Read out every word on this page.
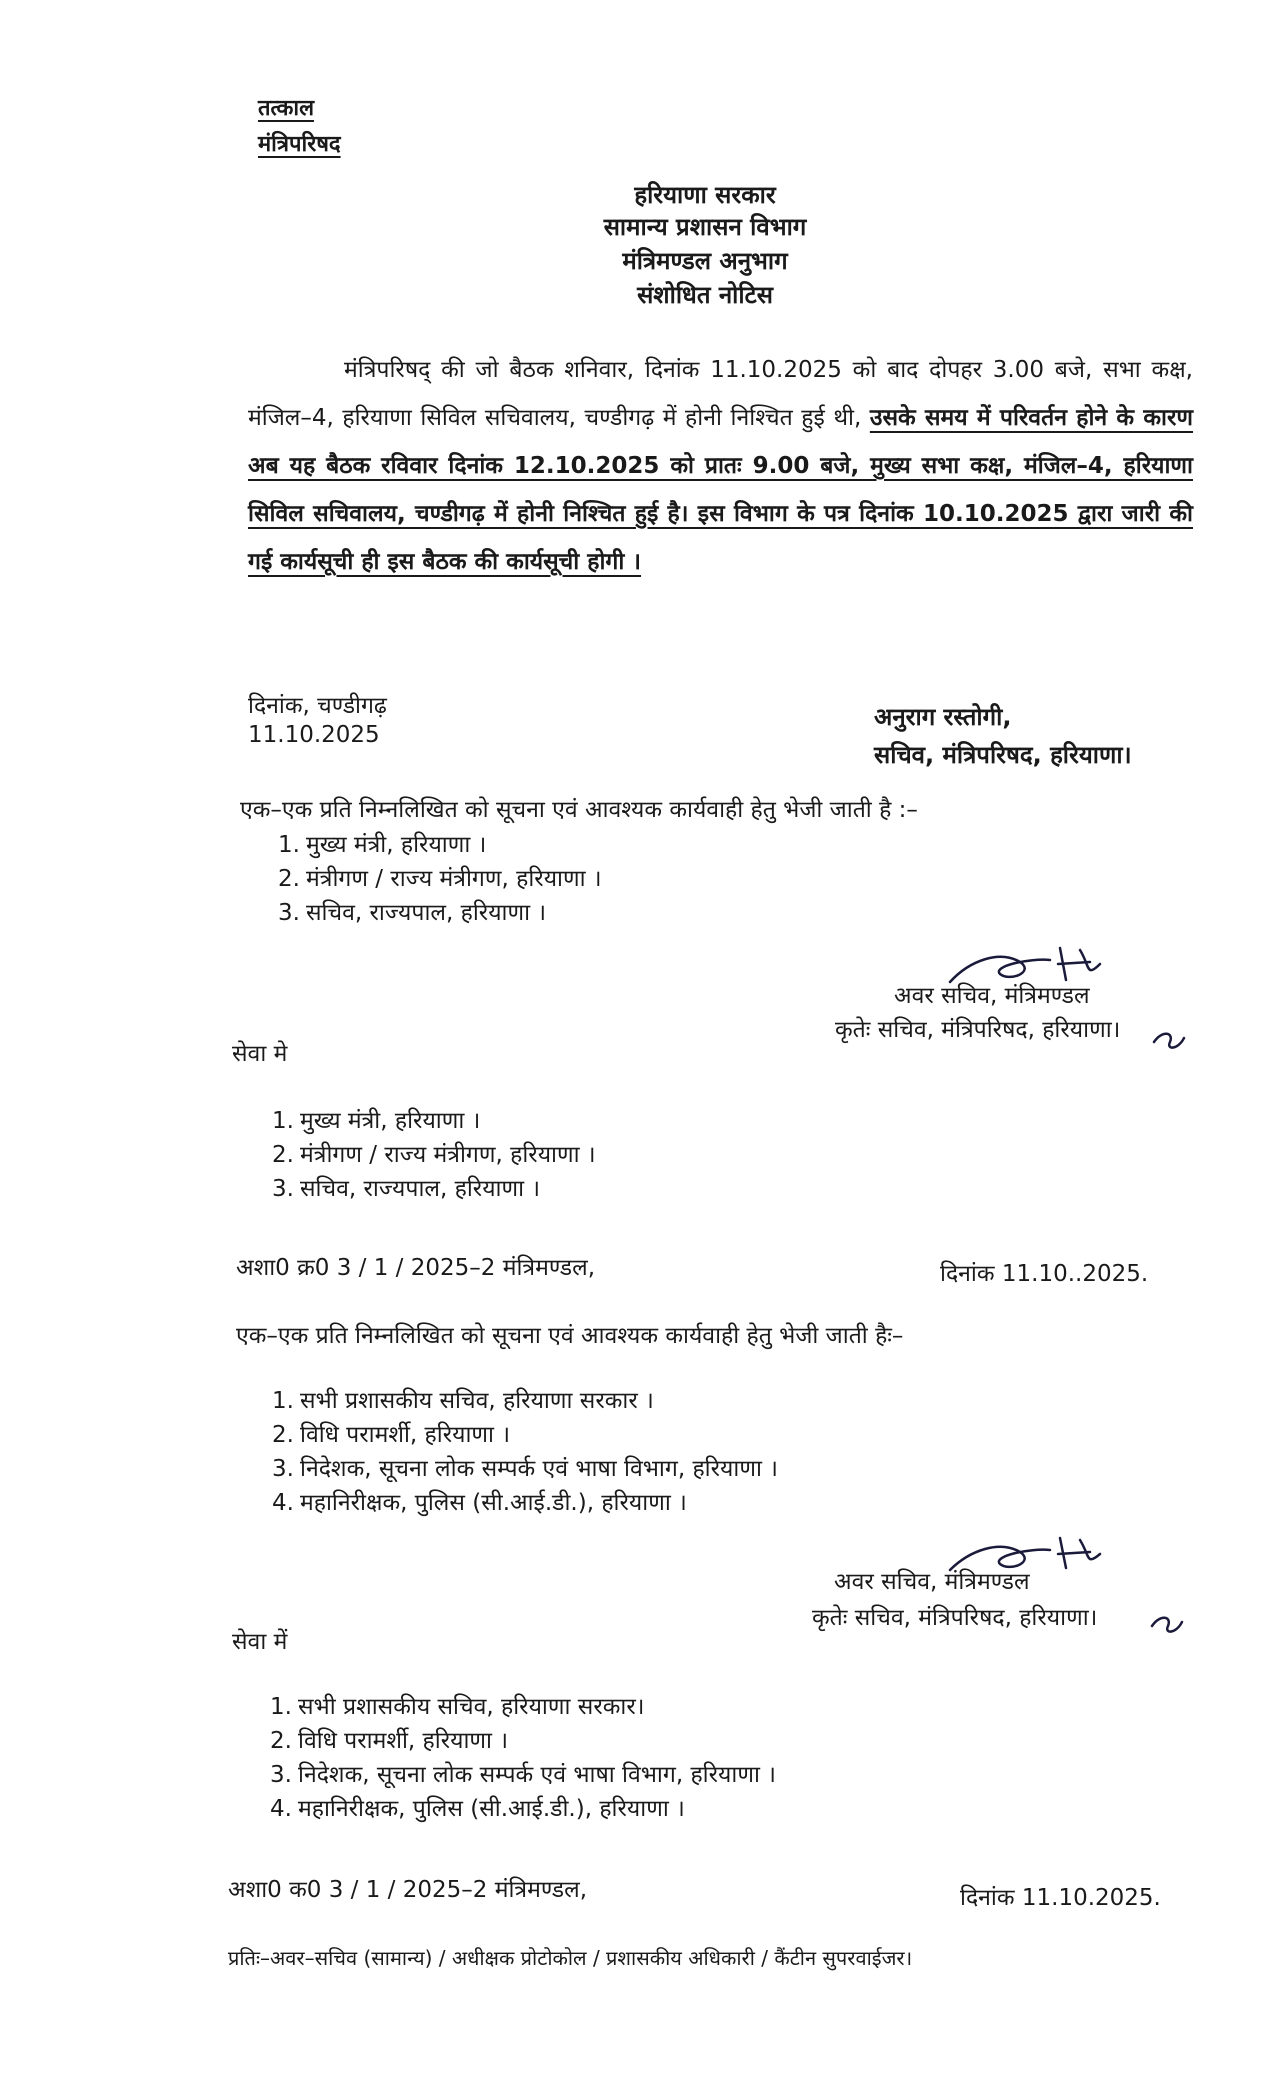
तत्काल
मंत्रिपरिषद
हरियाणा सरकार
सामान्य प्रशासन विभाग
मंत्रिमण्डल अनुभाग
संशोधित नोटिस
मंत्रिपरिषद् की जो बैठक शनिवार, दिनांक 11.10.2025 को बाद दोपहर 3.00 बजे, सभा कक्ष, मंजिल–4, हरियाणा सिविल सचिवालय, चण्डीगढ़ में होनी निश्चित हुई थी, उसके समय में परिवर्तन होने के कारण अब यह बैठक रविवार दिनांक 12.10.2025 को प्रातः 9.00 बजे, मुख्य सभा कक्ष, मंजिल–4, हरियाणा सिविल सचिवालय, चण्डीगढ़ में होनी निश्चित हुई है। इस विभाग के पत्र दिनांक 10.10.2025 द्वारा जारी की गई कार्यसूची ही इस बैठक की कार्यसूची होगी ।
दिनांक, चण्डीगढ़
11.10.2025
अनुराग रस्तोगी,
सचिव, मंत्रिपरिषद, हरियाणा।
एक–एक प्रति निम्नलिखित को सूचना एवं आवश्यक कार्यवाही हेतु भेजी जाती है :–
1. मुख्य मंत्री, हरियाणा ।
2. मंत्रीगण / राज्य मंत्रीगण, हरियाणा ।
3. सचिव, राज्यपाल, हरियाणा ।
अवर सचिव, मंत्रिमण्डल
कृतेः सचिव, मंत्रिपरिषद, हरियाणा।
सेवा मे
1. मुख्य मंत्री, हरियाणा ।
2. मंत्रीगण / राज्य मंत्रीगण, हरियाणा ।
3. सचिव, राज्यपाल, हरियाणा ।
अशा0 क्र0 3 / 1 / 2025–2 मंत्रिमण्डल,	दिनांक 11.10..2025.
एक–एक प्रति निम्नलिखित को सूचना एवं आवश्यक कार्यवाही हेतु भेजी जाती हैः–
1. सभी प्रशासकीय सचिव, हरियाणा सरकार ।
2. विधि परामर्शी, हरियाणा ।
3. निदेशक, सूचना लोक सम्पर्क एवं भाषा विभाग, हरियाणा ।
4. महानिरीक्षक, पुलिस (सी.आई.डी.), हरियाणा ।
अवर सचिव, मंत्रिमण्डल
कृतेः सचिव, मंत्रिपरिषद, हरियाणा।
सेवा में
1. सभी प्रशासकीय सचिव, हरियाणा सरकार।
2. विधि परामर्शी, हरियाणा ।
3. निदेशक, सूचना लोक सम्पर्क एवं भाषा विभाग, हरियाणा ।
4. महानिरीक्षक, पुलिस (सी.आई.डी.), हरियाणा ।
अशा0 क0 3 / 1 / 2025–2 मंत्रिमण्डल,	दिनांक 11.10.2025.
प्रतिः–अवर–सचिव (सामान्य) / अधीक्षक प्रोटोकोल / प्रशासकीय अधिकारी / कैंटीन सुपरवाईजर।
